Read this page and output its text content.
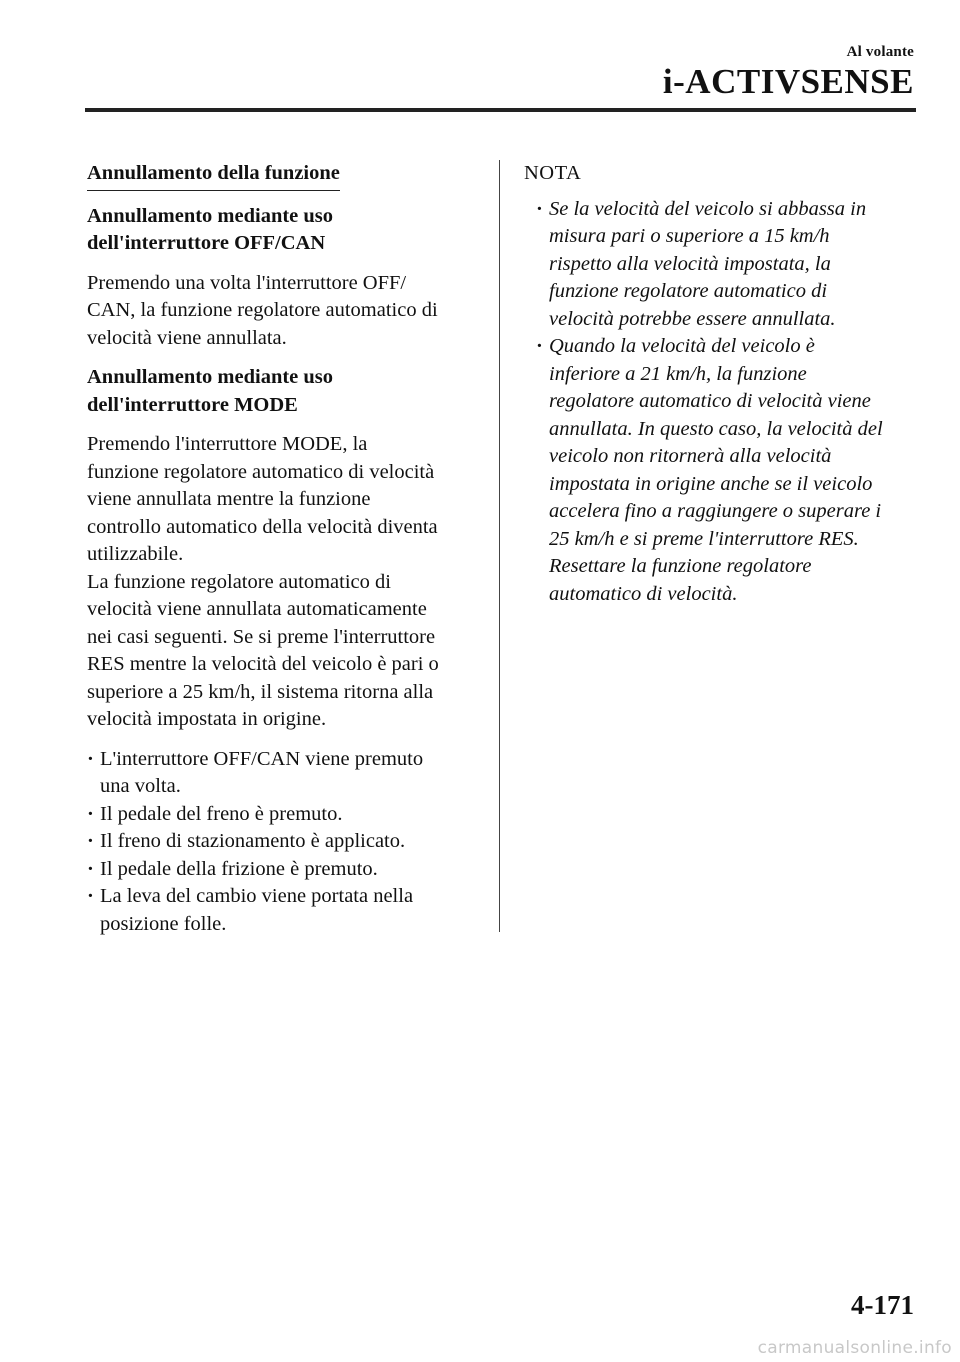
Al volante
i-ACTIVSENSE
Annullamento della funzione
Annullamento mediante uso
dell'interruttore OFF/CAN
Premendo una volta l'interruttore OFF/
CAN, la funzione regolatore automatico di
velocità viene annullata.
Annullamento mediante uso
dell'interruttore MODE
Premendo l'interruttore MODE, la
funzione regolatore automatico di velocità
viene annullata mentre la funzione
controllo automatico della velocità diventa
utilizzabile.
La funzione regolatore automatico di
velocità viene annullata automaticamente
nei casi seguenti. Se si preme l'interruttore
RES mentre la velocità del veicolo è pari o
superiore a 25 km/h, il sistema ritorna alla
velocità impostata in origine.
· L'interruttore OFF/CAN viene premuto
una volta.
· Il pedale del freno è premuto.
· Il freno di stazionamento è applicato.
· Il pedale della frizione è premuto.
· La leva del cambio viene portata nella
posizione folle.
NOTA
· Se la velocità del veicolo si abbassa in
misura pari o superiore a 15 km/h
rispetto alla velocità impostata, la
funzione regolatore automatico di
velocità potrebbe essere annullata.
· Quando la velocità del veicolo è
inferiore a 21 km/h, la funzione
regolatore automatico di velocità viene
annullata. In questo caso, la velocità del
veicolo non ritornerà alla velocità
impostata in origine anche se il veicolo
accelera fino a raggiungere o superare i
25 km/h e si preme l'interruttore RES.
Resettare la funzione regolatore
automatico di velocità.
4-171
carmanualsonline.info
